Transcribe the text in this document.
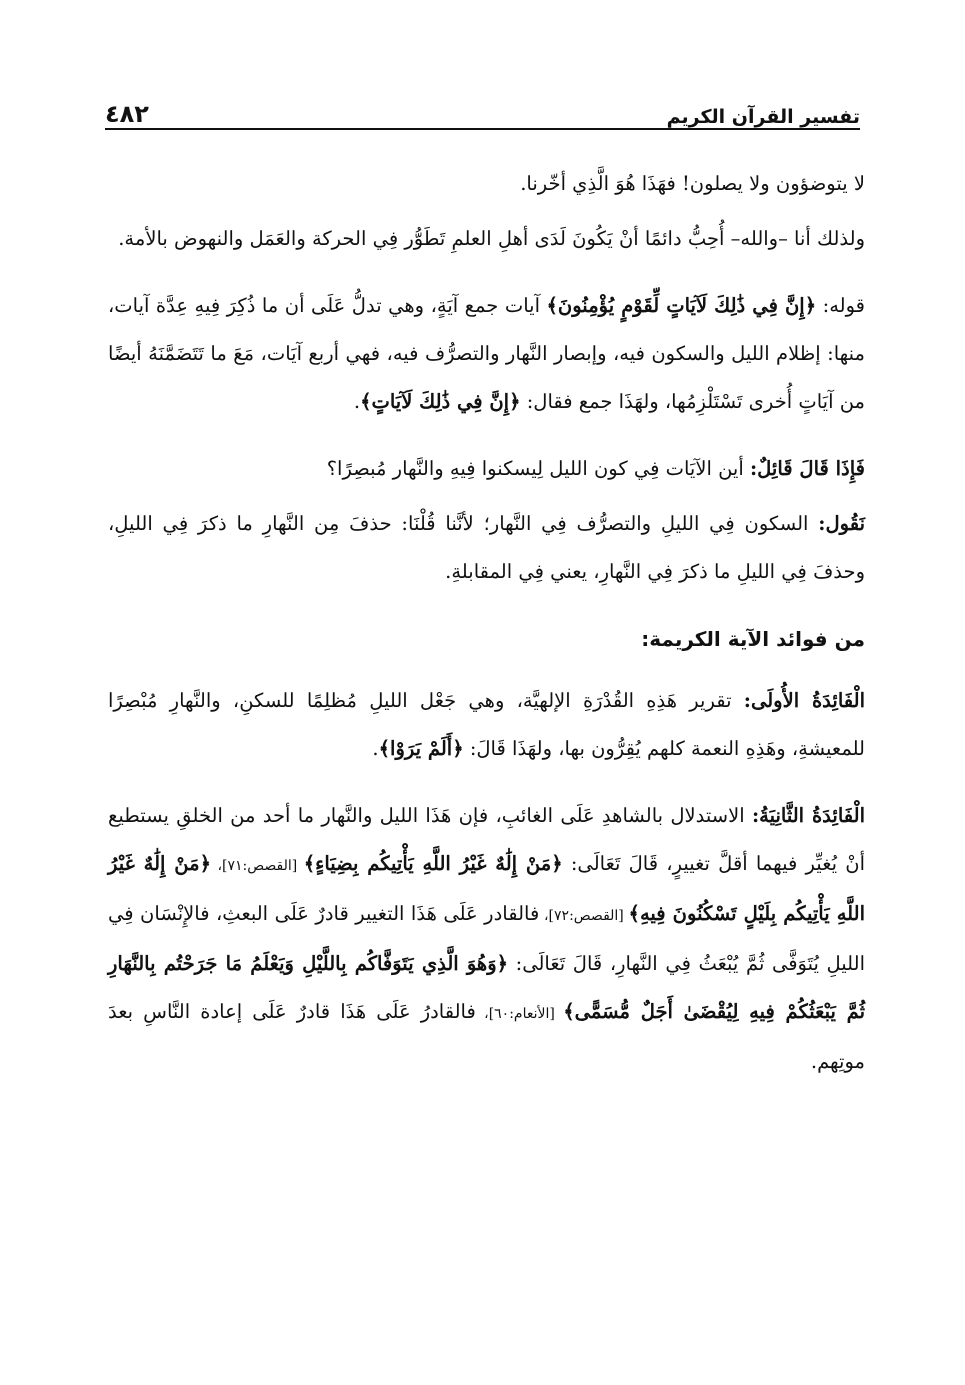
٤٨٢	تفسير القرآن الكريم

لا يتوضؤون ولا يصلون! فهَذَا هُوَ الَّذِي أخّرنا.

ولذلك أنا –والله– أُحِبُّ دائمًا أنْ يَكُونَ لَدَى أهلِ العلمِ تَطَوُّر فِي الحركة والعَمَل والنهوض بالأمة.

قوله: ﴿إِنَّ فِي ذَٰلِكَ لَآيَاتٍ لِّقَوْمٍ يُؤْمِنُونَ﴾ آيات جمع آيَةٍ، وهي تدلُّ عَلَى أن ما ذُكِرَ فِيهِ عِدَّة آيات، منها: إظلام الليل والسكون فيه، وإبصار النَّهار والتصرُّف فيه، فهي أربع آيَات، مَعَ ما تَتَضَمَّنَهُ أيضًا من آيَاتٍ أُخرى تَسْتَلْزِمُها، ولهَذَا جمع فقال: ﴿إِنَّ فِي ذَٰلِكَ لَآيَاتٍ﴾.

فَإِذَا قَالَ قَائِلٌ: أين الآيَات فِي كون الليل لِيسكنوا فِيهِ والنَّهار مُبصِرًا؟

نَقُول: السكون فِي الليلِ والتصرُّف فِي النَّهار؛ لأنَّنا قُلْنَا: حذفَ مِن النَّهارِ ما ذكرَ فِي الليلِ، وحذفَ فِي الليلِ ما ذكرَ فِي النَّهارِ، يعني فِي المقابلةِ.

من فوائد الآية الكريمة:

الْفَائِدَةُ الأُولَى: تقرير هَذِهِ القُدْرَةِ الإلهيَّة، وهي جَعْل الليلِ مُظلِمًا للسكنِ، والنَّهارِ مُبْصِرًا للمعيشةِ، وهَذِهِ النعمة كلهم يُقِرُّون بها، ولهَذَا قَالَ: ﴿أَلَمْ يَرَوْا﴾.

الْفَائِدَةُ الثَّانِيَةُ: الاستدلال بالشاهدِ عَلَى الغائبِ، فإن هَذَا الليل والنَّهار ما أحد من الخلقِ يستطيع أنْ يُغيِّر فيهما أقلَّ تغييرٍ، قَالَ تَعَالَى: ﴿مَنْ إِلَٰهٌ غَيْرُ اللَّهِ يَأْتِيكُم بِضِيَاءٍ﴾ [القصص:٧١]، ﴿مَنْ إِلَٰهٌ غَيْرُ اللَّهِ يَأْتِيكُم بِلَيْلٍ تَسْكُنُونَ فِيهِ﴾ [القصص:٧٢]، فالقادر عَلَى هَذَا التغيير قادرٌ عَلَى البعثِ، فالإِنْسَان فِي الليلِ يُتَوَفَّى ثُمَّ يُبْعَثُ فِي النَّهارِ، قَالَ تَعَالَى: ﴿وَهُوَ الَّذِي يَتَوَفَّاكُم بِاللَّيْلِ وَيَعْلَمُ مَا جَرَحْتُم بِالنَّهَارِ ثُمَّ يَبْعَثُكُمْ فِيهِ لِيُقْضَىٰ أَجَلٌ مُّسَمًّى﴾ [الأنعام:٦٠]، فالقادرُ عَلَى هَذَا قادرٌ عَلَى إعادة النَّاسِ بعدَ موتِهم.
